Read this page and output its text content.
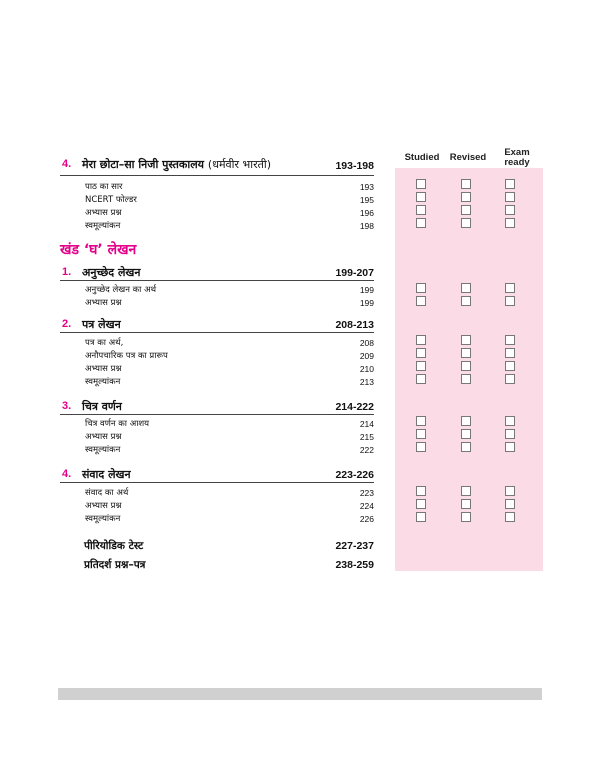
Studied	Revised	Exam
ready
4. मेरा छोटा–सा निजी पुस्तकालय (धर्मवीर भारती)	193-198
पाठ का सार	193
NCERT फोल्डर	195
अभ्यास प्रश्न	196
स्वमूल्यांकन	198
खंड ‘घ’ लेखन
1. अनुच्छेद लेखन	199-207
अनुच्छेद लेखन का अर्थ	199
अभ्यास प्रश्न	199
2. पत्र लेखन	208-213
पत्र का अर्थ,	208
अनौपचारिक पत्र का प्रारूप	209
अभ्यास प्रश्न	210
स्वमूल्यांकन	213
3. चित्र वर्णन	214-222
चित्र वर्णन का आशय	214
अभ्यास प्रश्न	215
स्वमूल्यांकन	222
4. संवाद लेखन	223-226
संवाद का अर्थ	223
अभ्यास प्रश्न	224
स्वमूल्यांकन	226
पीरियोडिक टेस्ट	227-237
प्रतिदर्श प्रश्न–पत्र	238-259
